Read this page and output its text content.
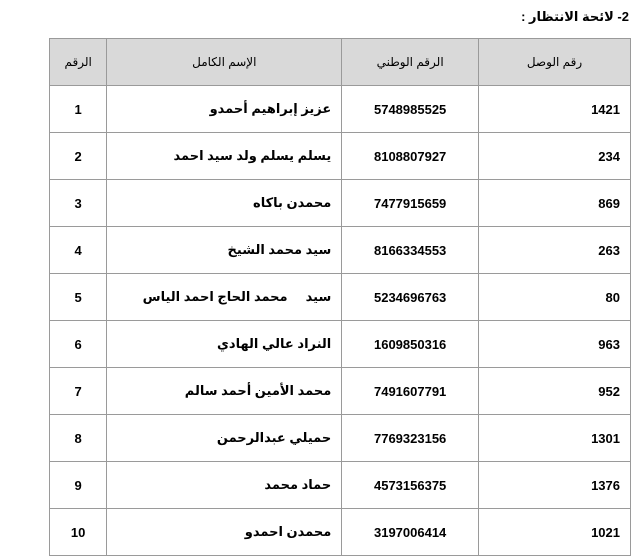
2- لائحة الانتظار :
رقم الوصل	الرقم الوطني	الإسم الكامل	الرقم
1421	5748985525	عزيز إبراهيم أحمدو	1
234	8108807927	يسلم يسلم ولد سيد احمد	2
869	7477915659	محمدن باكاه	3
263	8166334553	سيد محمد الشيخ	4
80	5234696763	سيد     محمد الحاج احمد الياس	5
963	1609850316	النراد عالي الهادي	6
952	7491607791	محمد الأمين أحمد سالم	7
1301	7769323156	حميلي عبدالرحمن	8
1376	4573156375	حماد محمد	9
1021	3197006414	محمدن احمدو	10
